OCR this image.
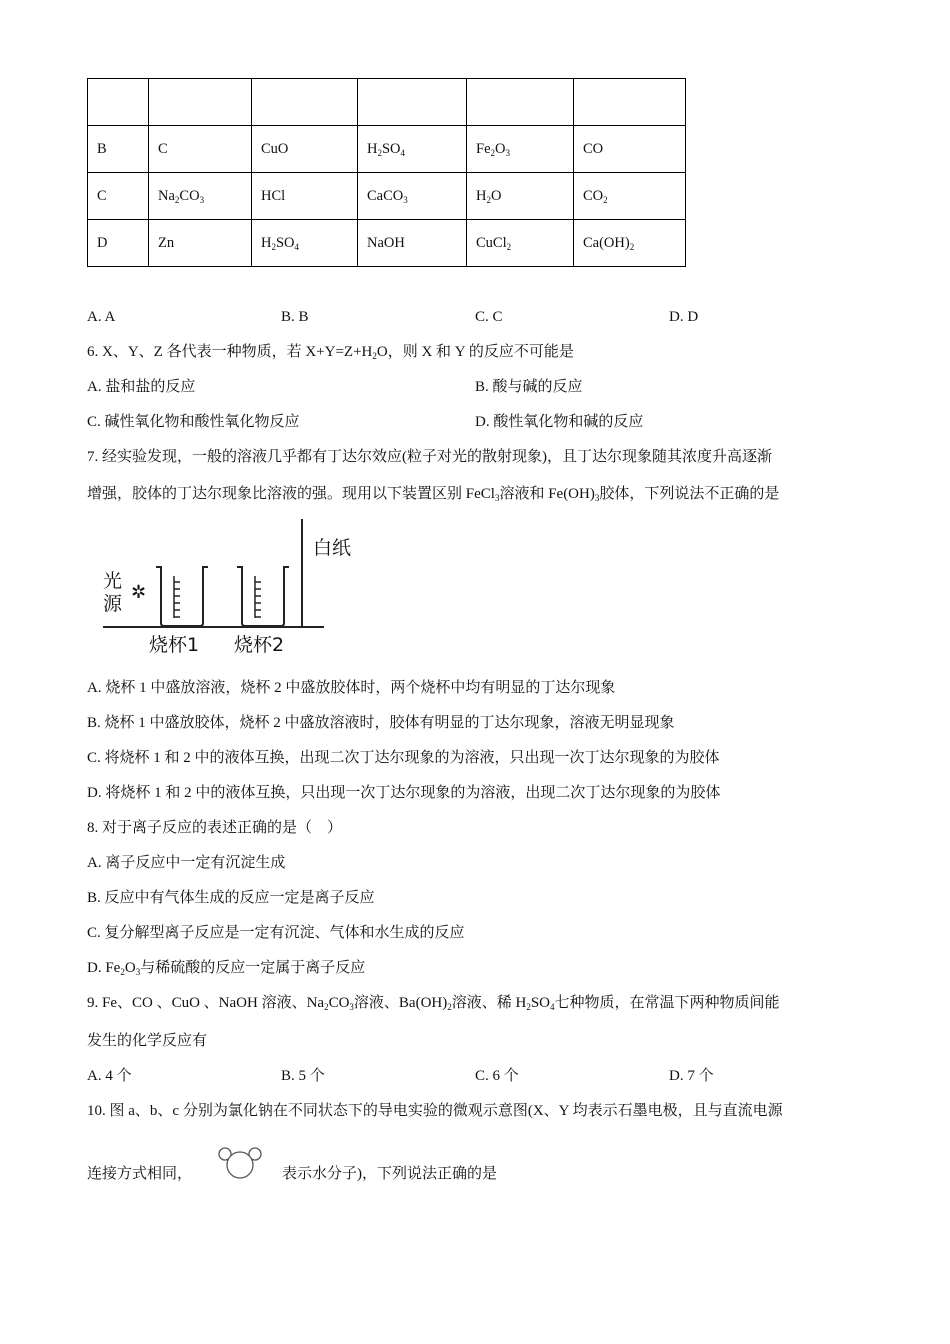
B	C	CuO	$H_2SO_4$	$Fe_2O_3$	CO
C	$Na_2CO_3$	HCl	CaCO$_3$	$H_2O$	$CO_2$
D	Zn	$H_2SO_4$	NaOH	CuCl$_2$	$Ca(OH)_2$
A. A	B. B	C. C	D. D
6. X、Y、Z 各代表一种物质，若 $X+Y=Z+H_2O$，则 X 和 Y 的反应不可能是
A. 盐和盐的反应	B. 酸与碱的反应
C. 碱性氧化物和酸性氧化物反应	D. 酸性氧化物和碱的反应
7. 经实验发现，一般的溶液几乎都有丁达尔效应(粒子对光的散射现象)，且丁达尔现象随其浓度升高逐渐
增强，胶体的丁达尔现象比溶液的强。现用以下装置区别 FeCl$_3$溶液和 $Fe(OH)_3$胶体，下列说法不正确的是
白纸
光
源
✲
烧杯1 烧杯2
A. 烧杯 1 中盛放溶液，烧杯 2 中盛放胶体时，两个烧杯中均有明显的丁达尔现象
B. 烧杯 1 中盛放胶体，烧杯 2 中盛放溶液时，胶体有明显的丁达尔现象，溶液无明显现象
C. 将烧杯 1 和 2 中的液体互换，出现二次丁达尔现象的为溶液，只出现一次丁达尔现象的为胶体
D. 将烧杯 1 和 2 中的液体互换，只出现一次丁达尔现象的为溶液，出现二次丁达尔现象的为胶体
8. 对于离子反应的表述正确的是（　）
A. 离子反应中一定有沉淀生成
B. 反应中有气体生成的反应一定是离子反应
C. 复分解型离子反应是一定有沉淀、气体和水生成的反应
D. $Fe_2O_3$与稀硫酸的反应一定属于离子反应
9. Fe、CO 、CuO 、NaOH 溶液、$Na_2CO_3$溶液、$Ba(OH)_2$溶液、稀 $H_2SO_4$七种物质，在常温下两种物质间能
发生的化学反应有
A. 4 个	B. 5 个	C. 6 个	D. 7 个
10. 图 a、b、c 分别为氯化钠在不同状态下的导电实验的微观示意图(X、Y 均表示石墨电极，且与直流电源
连接方式相同，	表示水分子)，下列说法正确的是
